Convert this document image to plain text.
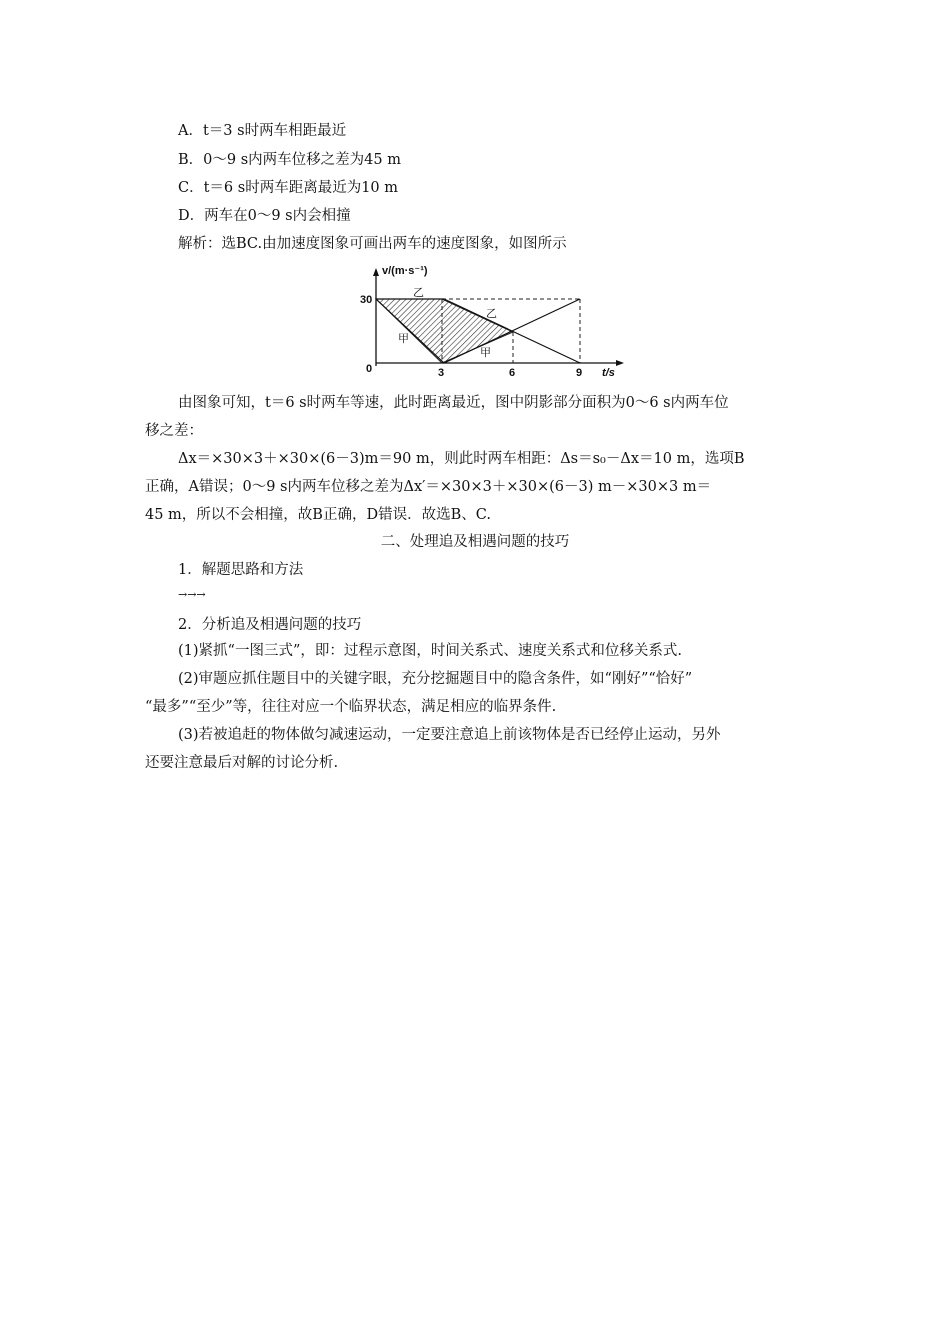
A．t＝3 s时两车相距最近
B．0～9 s内两车位移之差为45 m
C．t＝6 s时两车距离最近为10 m
D．两车在0～9 s内会相撞
解析：选BC.由加速度图象可画出两车的速度图象，如图所示
v/(m·s⁻¹)
30
0	3	6	9 t/s
乙
乙
甲
甲
由图象可知，t＝6 s时两车等速，此时距离最近，图中阴影部分面积为0～6 s内两车位
移之差：
Δx＝×30×3＋×30×(6－3)m＝90 m，则此时两车相距：Δs＝s₀－Δx＝10 m，选项B
正确，A错误；0～9 s内两车位移之差为Δx′＝×30×3＋×30×(6－3) m－×30×3 m＝
45 m，所以不会相撞，故B正确，D错误．故选B、C.
二、处理追及相遇问题的技巧
1．解题思路和方法
→→→
2．分析追及相遇问题的技巧
(1)紧抓“一图三式”，即：过程示意图，时间关系式、速度关系式和位移关系式.
(2)审题应抓住题目中的关键字眼，充分挖掘题目中的隐含条件，如“刚好”“恰好”
“最多”“至少”等，往往对应一个临界状态，满足相应的临界条件.
(3)若被追赶的物体做匀减速运动，一定要注意追上前该物体是否已经停止运动，另外
还要注意最后对解的讨论分析.
